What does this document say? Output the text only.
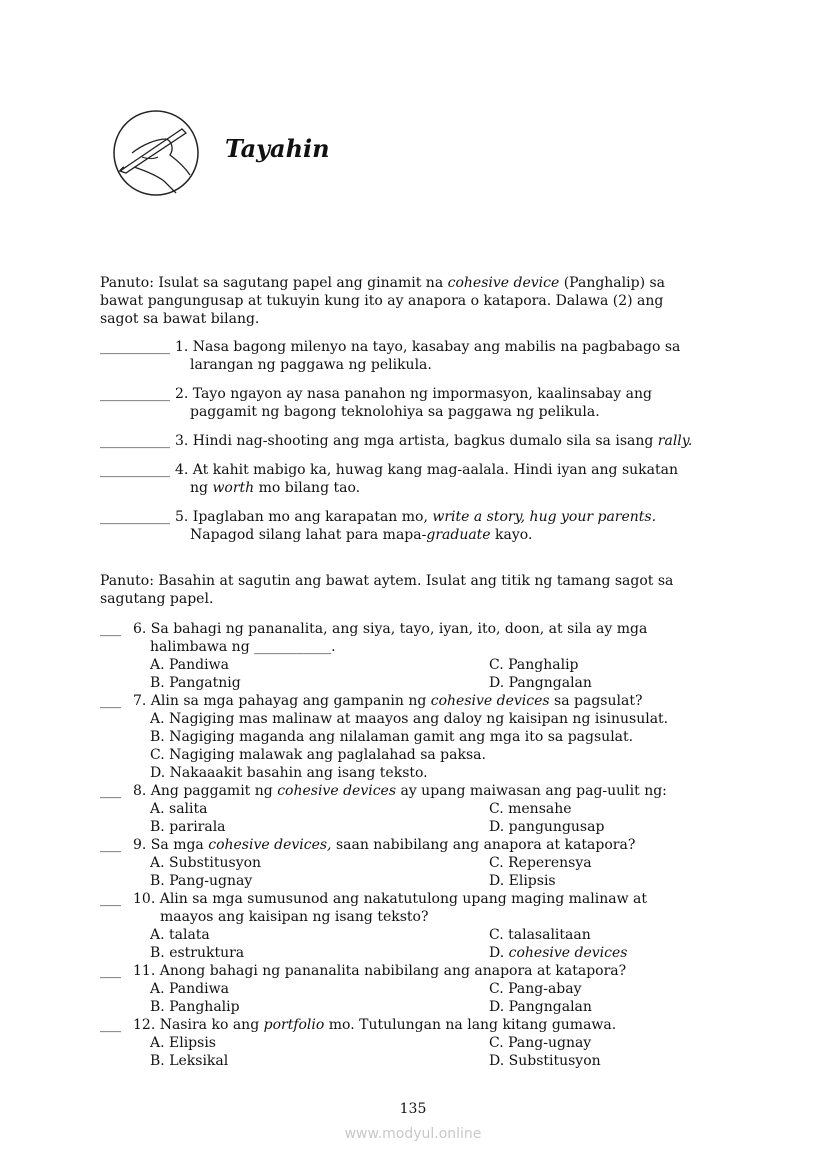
Tayahin
Panuto: Isulat sa sagutang papel ang ginamit na cohesive device (Panghalip) sa
bawat pangungusap at tukuyin kung ito ay anapora o katapora. Dalawa (2) ang
sagot sa bawat bilang.
__________ 1. Nasa bagong milenyo na tayo, kasabay ang mabilis na pagbabago sa
larangan ng paggawa ng pelikula.
__________ 2. Tayo ngayon ay nasa panahon ng impormasyon, kaalinsabay ang
paggamit ng bagong teknolohiya sa paggawa ng pelikula.
__________ 3. Hindi nag-shooting ang mga artista, bagkus dumalo sila sa isang rally.
__________ 4. At kahit mabigo ka, huwag kang mag-aalala. Hindi iyan ang sukatan
ng worth mo bilang tao.
__________ 5. Ipaglaban mo ang karapatan mo, write a story, hug your parents.
Napagod silang lahat para mapa-graduate kayo.
Panuto: Basahin at sagutin ang bawat aytem. Isulat ang titik ng tamang sagot sa
sagutang papel.
___ 6. Sa bahagi ng pananalita, ang siya, tayo, iyan, ito, doon, at sila ay mga
halimbawa ng ___________.
A. Pandiwa	C. Panghalip
B. Pangatnig	D. Pangngalan
___ 7. Alin sa mga pahayag ang gampanin ng cohesive devices sa pagsulat?
A. Nagiging mas malinaw at maayos ang daloy ng kaisipan ng isinusulat.
B. Nagiging maganda ang nilalaman gamit ang mga ito sa pagsulat.
C. Nagiging malawak ang paglalahad sa paksa.
D. Nakaaakit basahin ang isang teksto.
___ 8. Ang paggamit ng cohesive devices ay upang maiwasan ang pag-uulit ng:
A. salita	C. mensahe
B. parirala	D. pangungusap
___ 9. Sa mga cohesive devices, saan nabibilang ang anapora at katapora?
A. Substitusyon	C. Reperensya
B. Pang-ugnay	D. Elipsis
___ 10. Alin sa mga sumusunod ang nakatutulong upang maging malinaw at
maayos ang kaisipan ng isang teksto?
A. talata	C. talasalitaan
B. estruktura	D. cohesive devices
___ 11. Anong bahagi ng pananalita nabibilang ang anapora at katapora?
A. Pandiwa	C. Pang-abay
B. Panghalip	D. Pangngalan
___ 12. Nasira ko ang portfolio mo. Tutulungan na lang kitang gumawa.
A. Elipsis	C. Pang-ugnay
B. Leksikal	D. Substitusyon
135
www.modyul.online
